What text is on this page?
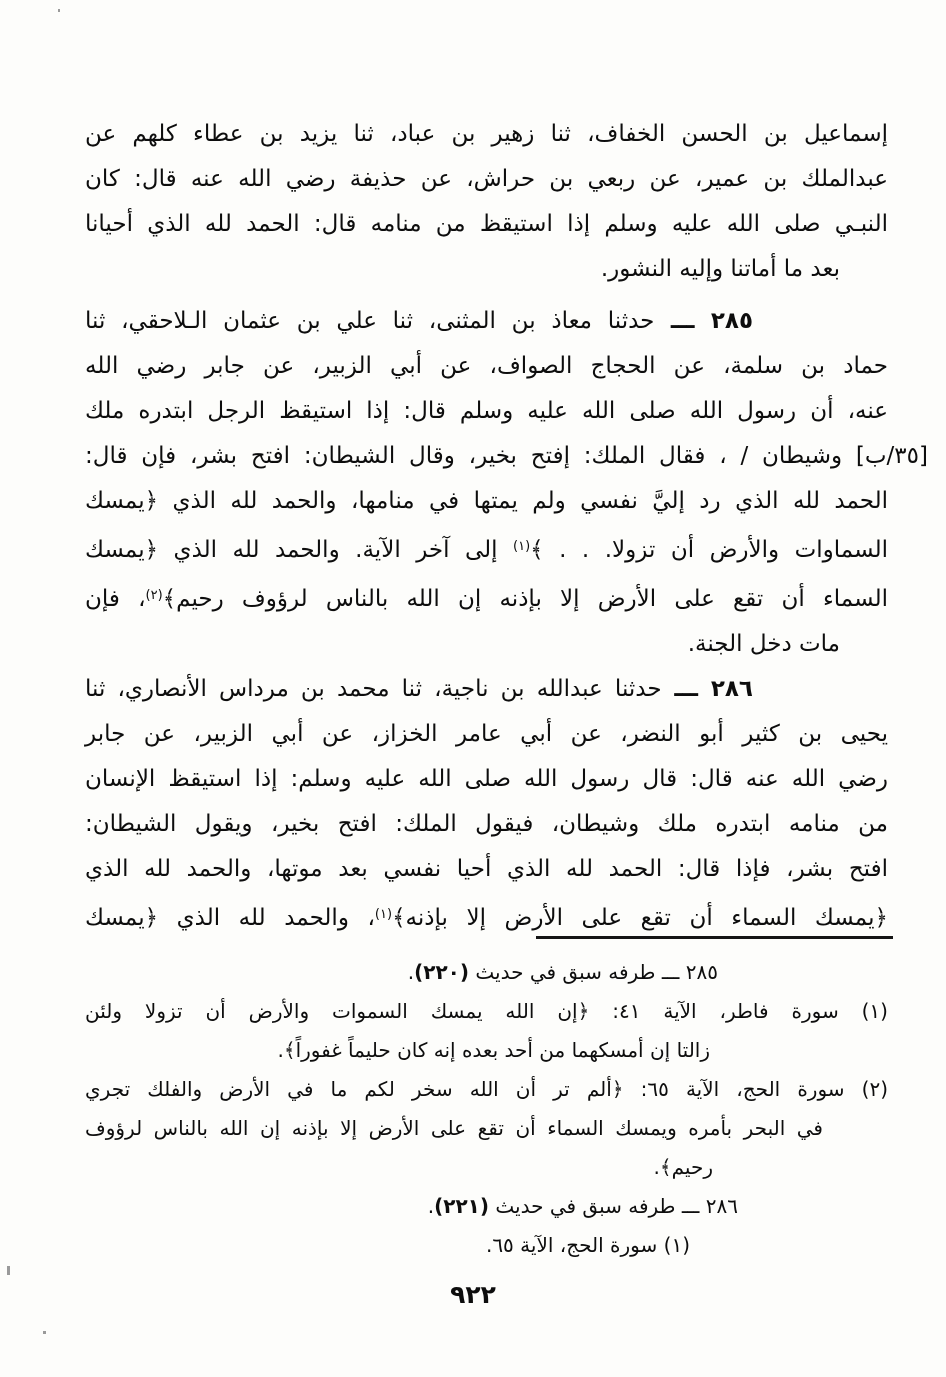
إسماعيل بن الحسن الخفاف، ثنا زهير بن عباد، ثنا يزيد بن عطاء كلهم عن
عبدالملك بن عمير، عن ربعي بن حراش، عن حذيفة رضي الله عنه قال: كان
النبـي صلى الله عليه وسلم إذا استيقظ من منامه قال: الحمد لله الذي أحيانا
بعد ما أماتنا وإليه النشور.
٢٨٥ ـــ حدثنا معاذ بن المثنى، ثنا علي بن عثمان الـلاحقي، ثنا
حماد بن سلمة، عن الحجاج الصواف، عن أبي الزبير، عن جابر رضي الله
عنه، أن رسول الله صلى الله عليه وسلم قال: إذا استيقظ الرجل ابتدره ملك
[٣٥/ب] وشيطان / ، فقال الملك: إفتح بخير، وقال الشيطان: افتح بشر، فإن قال:
الحمد لله الذي رد إليَّ نفسي ولم يمتها في منامها، والحمد لله الذي ﴿يمسك
السماوات والأرض أن تزولا. . . ﴾$^{(١)}$ إلى آخر الآية. والحمد لله الذي ﴿يمسك
السماء أن تقع على الأرض إلا بإذنه إن الله بالناس لرؤوف رحيم﴾$^{(٢)}$، فإن
مات دخل الجنة.
٢٨٦ ـــ حدثنا عبدالله بن ناجية، ثنا محمد بن مرداس الأنصاري، ثنا
يحيى بن كثير أبو النضر، عن أبي عامر الخزاز، عن أبي الزبير، عن جابر
رضي الله عنه قال: قال رسول الله صلى الله عليه وسلم: إذا استيقظ الإنسان
من منامه ابتدره ملك وشيطان، فيقول الملك: افتح بخير، ويقول الشيطان:
افتح بشر، فإذا قال: الحمد لله الذي أحيا نفسي بعد موتها، والحمد لله الذي
﴿يمسك السماء أن تقع على الأرض إلا بإذنه﴾$^{(١)}$، والحمد لله الذي ﴿يمسك
٢٨٥ ـــ طرفه سبق في حديث (٢٢٠).
(١) سورة فاطر، الآية ٤١: ﴿إن الله يمسك السموات والأرض أن تزولا ولئن
زالتا إن أمسكهما من أحد بعده إنه كان حليماً غفوراً﴾.
(٢) سورة الحج، الآية ٦٥: ﴿ألم تر أن الله سخر لكم ما في الأرض والفلك تجري
في البحر بأمره ويمسك السماء أن تقع على الأرض إلا بإذنه إن الله بالناس لرؤوف
رحيم﴾.
٢٨٦ ـــ طرفه سبق في حديث (٢٢١).
(١) سورة الحج، الآية ٦٥.
٩٢٢
